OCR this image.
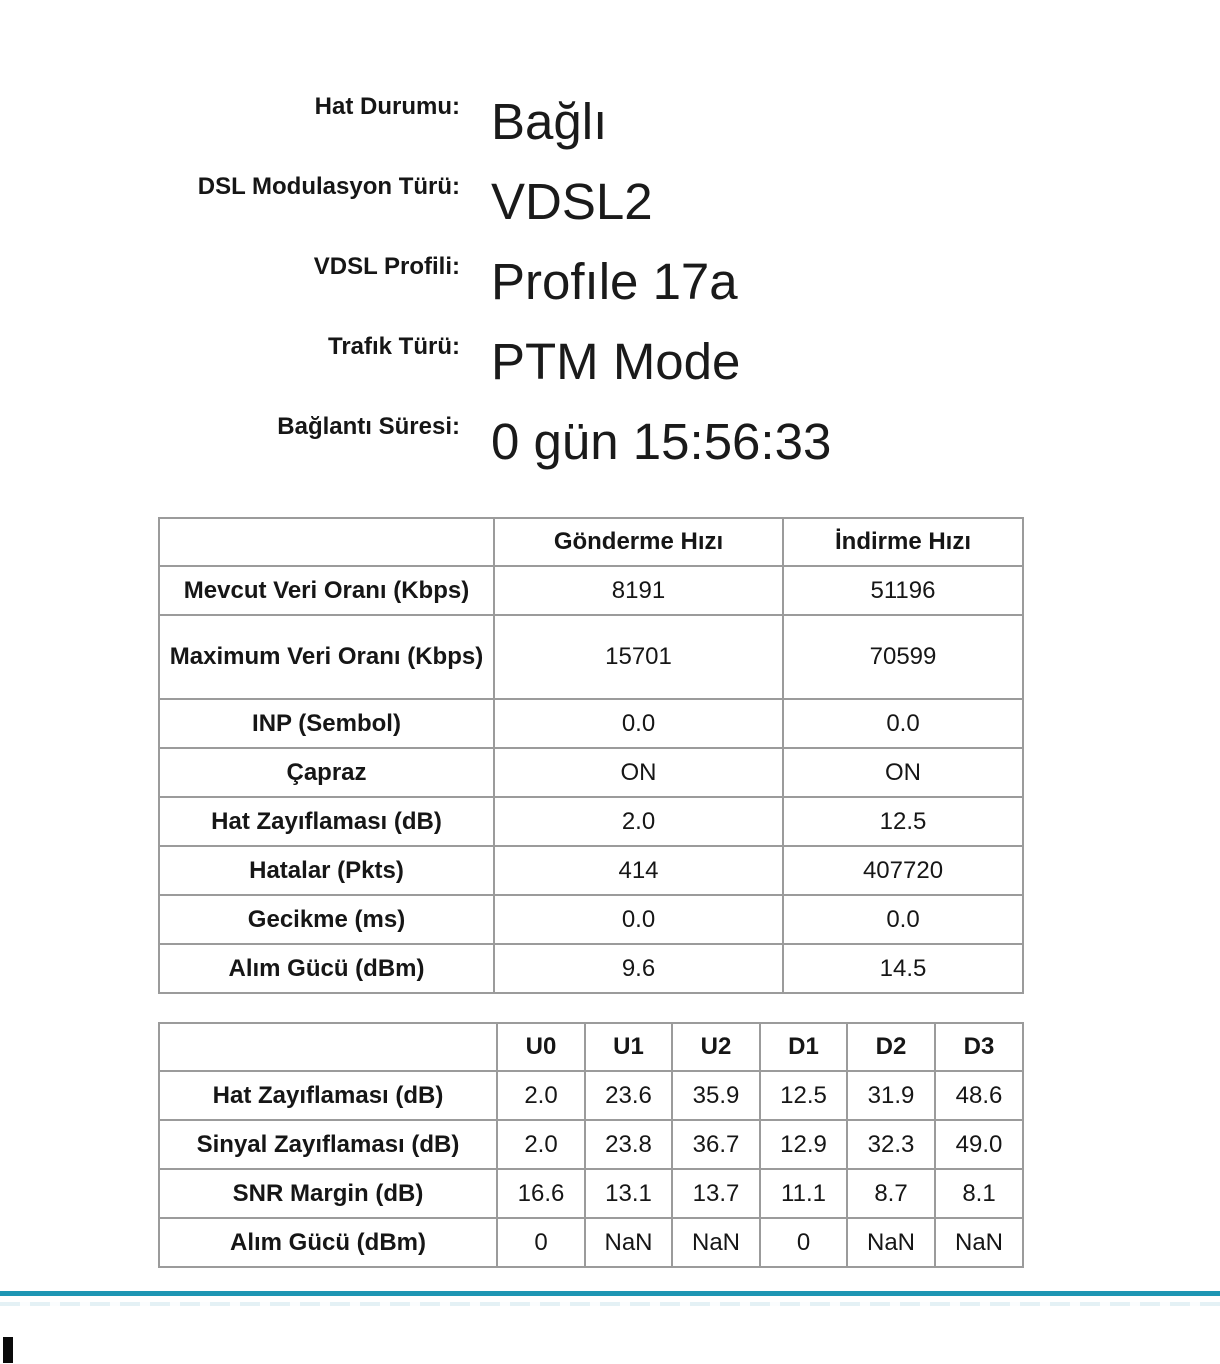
Hat Durumu: Bağlı
DSL Modulasyon Türü: VDSL2
VDSL Profili: Profıle 17a
Trafık Türü: PTM Mode
Bağlantı Süresi: 0 gün 15:56:33
	Gönderme Hızı	İndirme Hızı
Mevcut Veri Oranı (Kbps)	8191	51196
Maximum Veri Oranı (Kbps)	15701	70599
INP (Sembol)	0.0	0.0
Çapraz	ON	ON
Hat Zayıflaması (dB)	2.0	12.5
Hatalar (Pkts)	414	407720
Gecikme (ms)	0.0	0.0
Alım Gücü (dBm)	9.6	14.5
	U0	U1	U2	D1	D2	D3
Hat Zayıflaması (dB)	2.0	23.6	35.9	12.5	31.9	48.6
Sinyal Zayıflaması (dB)	2.0	23.8	36.7	12.9	32.3	49.0
SNR Margin (dB)	16.6	13.1	13.7	11.1	8.7	8.1
Alım Gücü (dBm)	0	NaN	NaN	0	NaN	NaN
